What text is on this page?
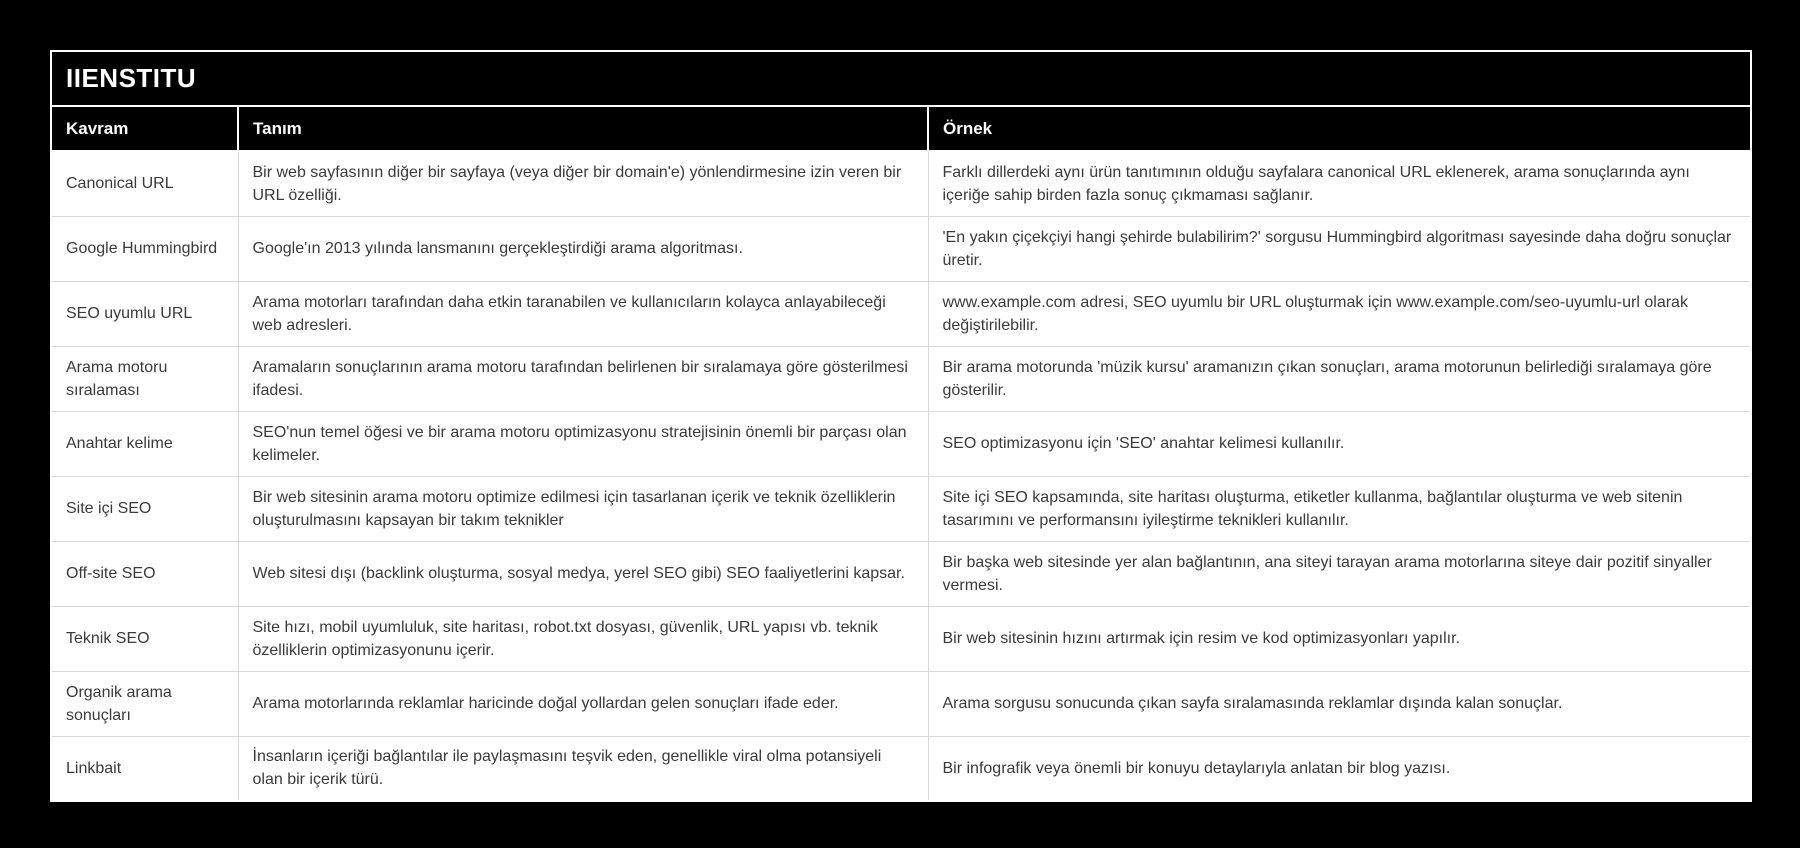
IIENSTITU		
Kavram	Tanım	Örnek
Canonical URL	Bir web sayfasının diğer bir sayfaya (veya diğer bir domain'e) yönlendirmesine izin veren bir URL özelliği.	Farklı dillerdeki aynı ürün tanıtımının olduğu sayfalara canonical URL eklenerek, arama sonuçlarında aynı içeriğe sahip birden fazla sonuç çıkmaması sağlanır.
Google Hummingbird	Google'ın 2013 yılında lansmanını gerçekleştirdiği arama algoritması.	'En yakın çiçekçiyi hangi şehirde bulabilirim?' sorgusu Hummingbird algoritması sayesinde daha doğru sonuçlar üretir.
SEO uyumlu URL	Arama motorları tarafından daha etkin taranabilen ve kullanıcıların kolayca anlayabileceği web adresleri.	www.example.com adresi, SEO uyumlu bir URL oluşturmak için www.example.com/seo-uyumlu-url olarak değiştirilebilir.
Arama motoru sıralaması	Aramaların sonuçlarının arama motoru tarafından belirlenen bir sıralamaya göre gösterilmesi ifadesi.	Bir arama motorunda 'müzik kursu' aramanızın çıkan sonuçları, arama motorunun belirlediği sıralamaya göre gösterilir.
Anahtar kelime	SEO'nun temel öğesi ve bir arama motoru optimizasyonu stratejisinin önemli bir parçası olan kelimeler.	SEO optimizasyonu için 'SEO' anahtar kelimesi kullanılır.
Site içi SEO	Bir web sitesinin arama motoru optimize edilmesi için tasarlanan içerik ve teknik özelliklerin oluşturulmasını kapsayan bir takım teknikler	Site içi SEO kapsamında, site haritası oluşturma, etiketler kullanma, bağlantılar oluşturma ve web sitenin tasarımını ve performansını iyileştirme teknikleri kullanılır.
Off-site SEO	Web sitesi dışı (backlink oluşturma, sosyal medya, yerel SEO gibi) SEO faaliyetlerini kapsar.	Bir başka web sitesinde yer alan bağlantının, ana siteyi tarayan arama motorlarına siteye dair pozitif sinyaller vermesi.
Teknik SEO	Site hızı, mobil uyumluluk, site haritası, robot.txt dosyası, güvenlik, URL yapısı vb. teknik özelliklerin optimizasyonunu içerir.	Bir web sitesinin hızını artırmak için resim ve kod optimizasyonları yapılır.
Organik arama sonuçları	Arama motorlarında reklamlar haricinde doğal yollardan gelen sonuçları ifade eder.	Arama sorgusu sonucunda çıkan sayfa sıralamasında reklamlar dışında kalan sonuçlar.
Linkbait	İnsanların içeriği bağlantılar ile paylaşmasını teşvik eden, genellikle viral olma potansiyeli olan bir içerik türü.	Bir infografik veya önemli bir konuyu detaylarıyla anlatan bir blog yazısı.
